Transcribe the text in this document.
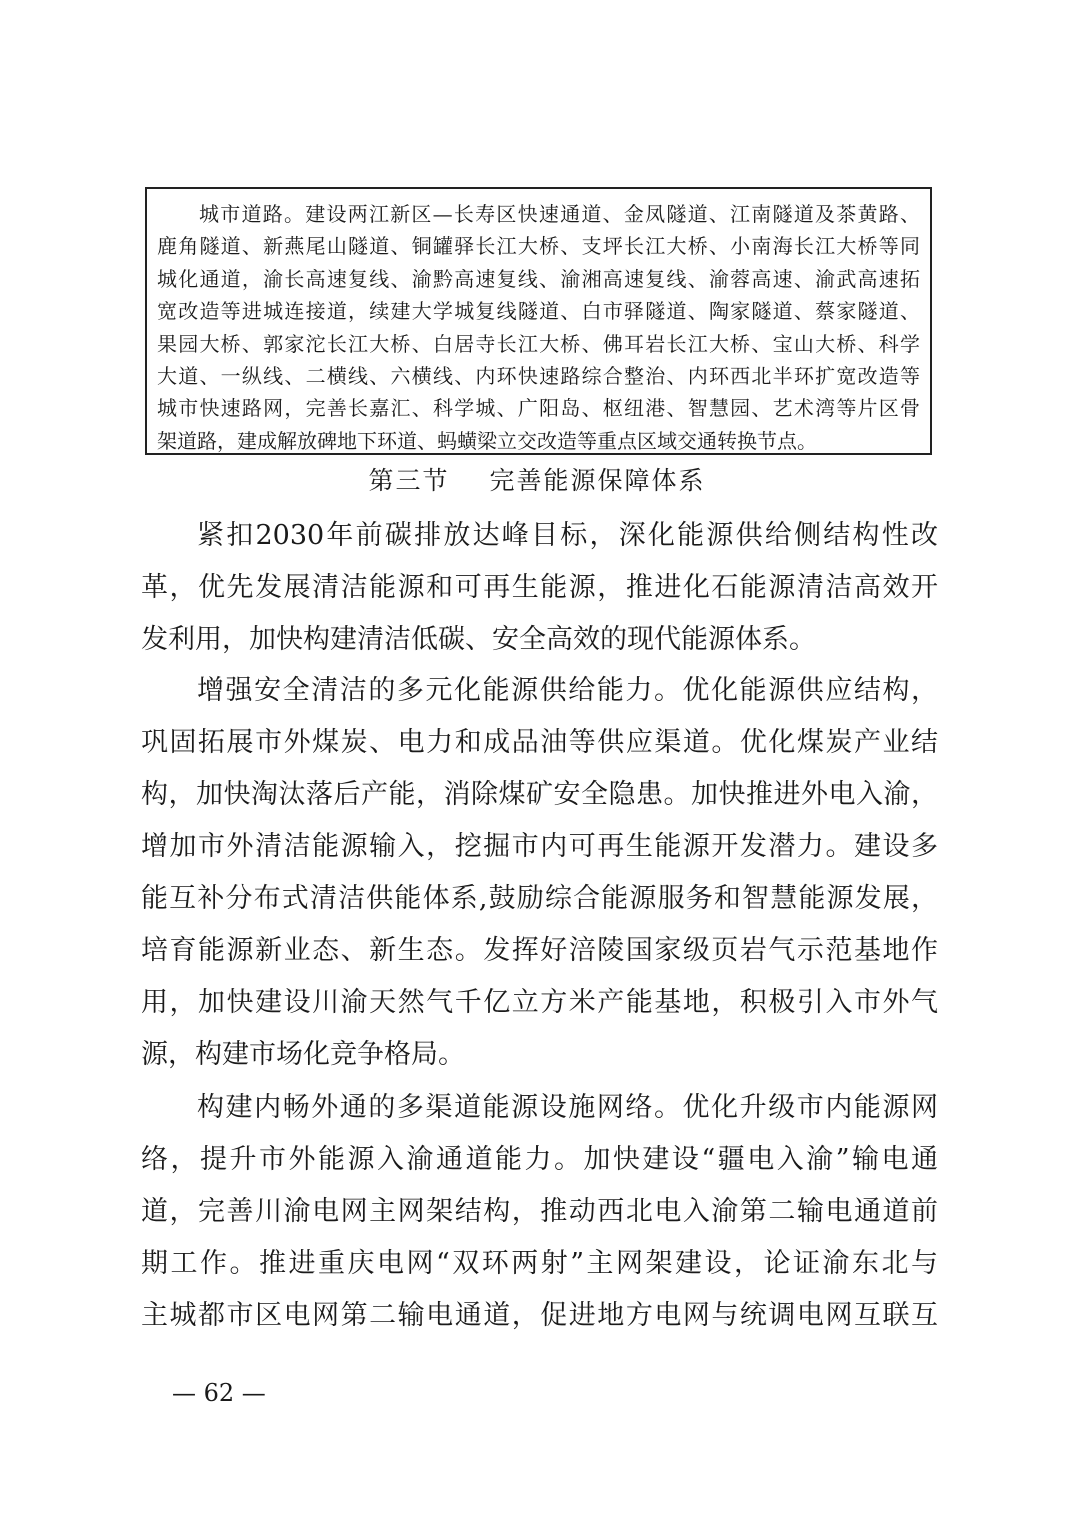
城市道路。建设两江新区—长寿区快速通道、金凤隧道、江南隧道及茶黄路、
鹿角隧道、新燕尾山隧道、铜罐驿长江大桥、支坪长江大桥、小南海长江大桥等同
城化通道，渝长高速复线、渝黔高速复线、渝湘高速复线、渝蓉高速、渝武高速拓
宽改造等进城连接道，续建大学城复线隧道、白市驿隧道、陶家隧道、蔡家隧道、
果园大桥、郭家沱长江大桥、白居寺长江大桥、佛耳岩长江大桥、宝山大桥、科学
大道、一纵线、二横线、六横线、内环快速路综合整治、内环西北半环扩宽改造等
城市快速路网，完善长嘉汇、科学城、广阳岛、枢纽港、智慧园、艺术湾等片区骨
架道路，建成解放碑地下环道、蚂蟥梁立交改造等重点区域交通转换节点。
第三节 完善能源保障体系
紧扣2030年前碳排放达峰目标，深化能源供给侧结构性改
革，优先发展清洁能源和可再生能源，推进化石能源清洁高效开
发利用，加快构建清洁低碳、安全高效的现代能源体系。
增强安全清洁的多元化能源供给能力。优化能源供应结构，
巩固拓展市外煤炭、电力和成品油等供应渠道。优化煤炭产业结
构，加快淘汰落后产能，消除煤矿安全隐患。加快推进外电入渝，
增加市外清洁能源输入，挖掘市内可再生能源开发潜力。建设多
能互补分布式清洁供能体系,鼓励综合能源服务和智慧能源发展，
培育能源新业态、新生态。发挥好涪陵国家级页岩气示范基地作
用，加快建设川渝天然气千亿立方米产能基地，积极引入市外气
源，构建市场化竞争格局。
构建内畅外通的多渠道能源设施网络。优化升级市内能源网
络，提升市外能源入渝通道能力。加快建设“疆电入渝”输电通
道，完善川渝电网主网架结构，推动西北电入渝第二输电通道前
期工作。推进重庆电网“双环两射”主网架建设，论证渝东北与
主城都市区电网第二输电通道，促进地方电网与统调电网互联互
— 62 —
